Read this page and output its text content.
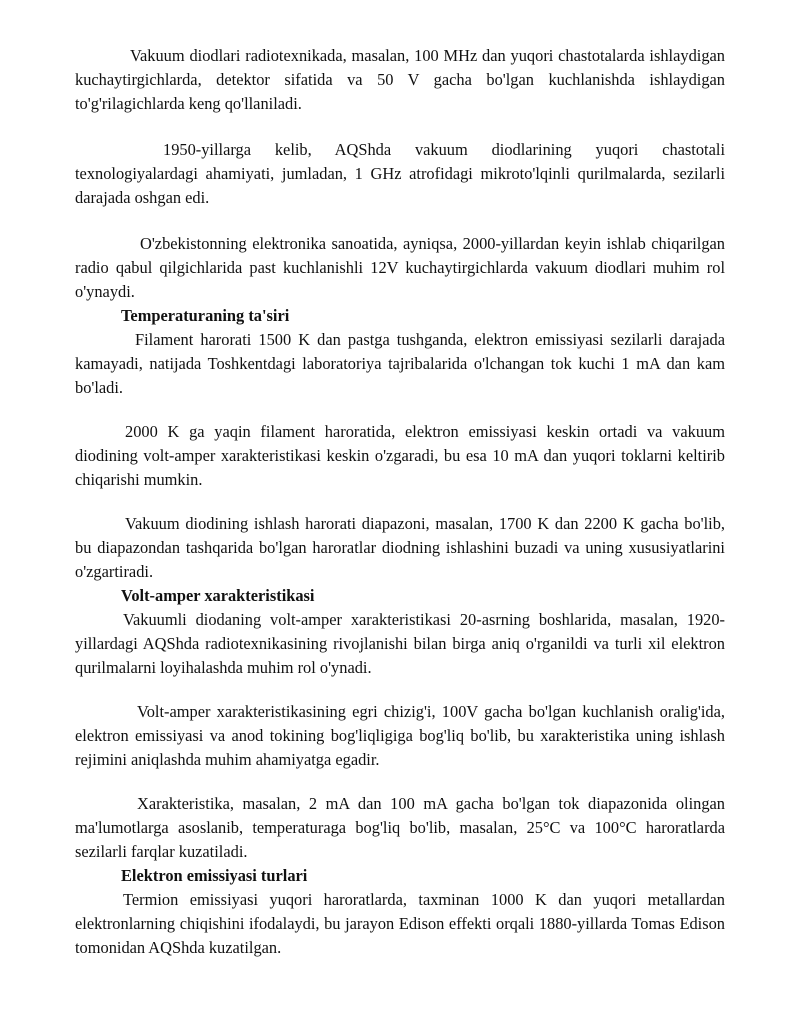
Vakuum diodlari radiotexnikada, masalan, 100 MHz dan yuqori chastotalarda ishlaydigan kuchaytirgichlarda, detektor sifatida va 50 V gacha bo'lgan kuchlanishda ishlaydigan to'g'rilagichlarda keng qo'llaniladi.

1950-yillarga kelib, AQShda vakuum diodlarining yuqori chastotali texnologiyalardagi ahamiyati, jumladan, 1 GHz atrofidagi mikroto'lqinli qurilmalarda, sezilarli darajada oshgan edi.

O'zbekistonning elektronika sanoatida, ayniqsa, 2000-yillardan keyin ishlab chiqarilgan radio qabul qilgichlarida past kuchlanishli 12V kuchaytirgichlarda vakuum diodlari muhim rol o'ynaydi.

Temperaturaning ta'siri

Filament harorati 1500 K dan pastga tushganda, elektron emissiyasi sezilarli darajada kamayadi, natijada Toshkentdagi laboratoriya tajribalarida o'lchangan tok kuchi 1 mA dan kam bo'ladi.

2000 K ga yaqin filament haroratida, elektron emissiyasi keskin ortadi va vakuum diodining volt-amper xarakteristikasi keskin o'zgaradi, bu esa 10 mA dan yuqori toklarni keltirib chiqarishi mumkin.

Vakuum diodining ishlash harorati diapazoni, masalan, 1700 K dan 2200 K gacha bo'lib, bu diapazondan tashqarida bo'lgan haroratlar diodning ishlashini buzadi va uning xususiyatlarini o'zgartiradi.

Volt-amper xarakteristikasi

Vakuumli diodaning volt-amper xarakteristikasi 20-asrning boshlarida, masalan, 1920-yillardagi AQShda radiotexnikasining rivojlanishi bilan birga aniq o'rganildi va turli xil elektron qurilmalarni loyihalashda muhim rol o'ynadi.

Volt-amper xarakteristikasining egri chizig'i, 100V gacha bo'lgan kuchlanish oralig'ida, elektron emissiyasi va anod tokining bog'liqligiga bog'liq bo'lib, bu xarakteristika uning ishlash rejimini aniqlashda muhim ahamiyatga egadir.

Xarakteristika, masalan, 2 mA dan 100 mA gacha bo'lgan tok diapazonida olingan ma'lumotlarga asoslanib, temperaturaga bog'liq bo'lib, masalan, 25°C va 100°C haroratlarda sezilarli farqlar kuzatiladi.

Elektron emissiyasi turlari

Termion emissiyasi yuqori haroratlarda, taxminan 1000 K dan yuqori metallardan elektronlarning chiqishini ifodalaydi, bu jarayon Edison effekti orqali 1880-yillarda Tomas Edison tomonidan AQShda kuzatilgan.
